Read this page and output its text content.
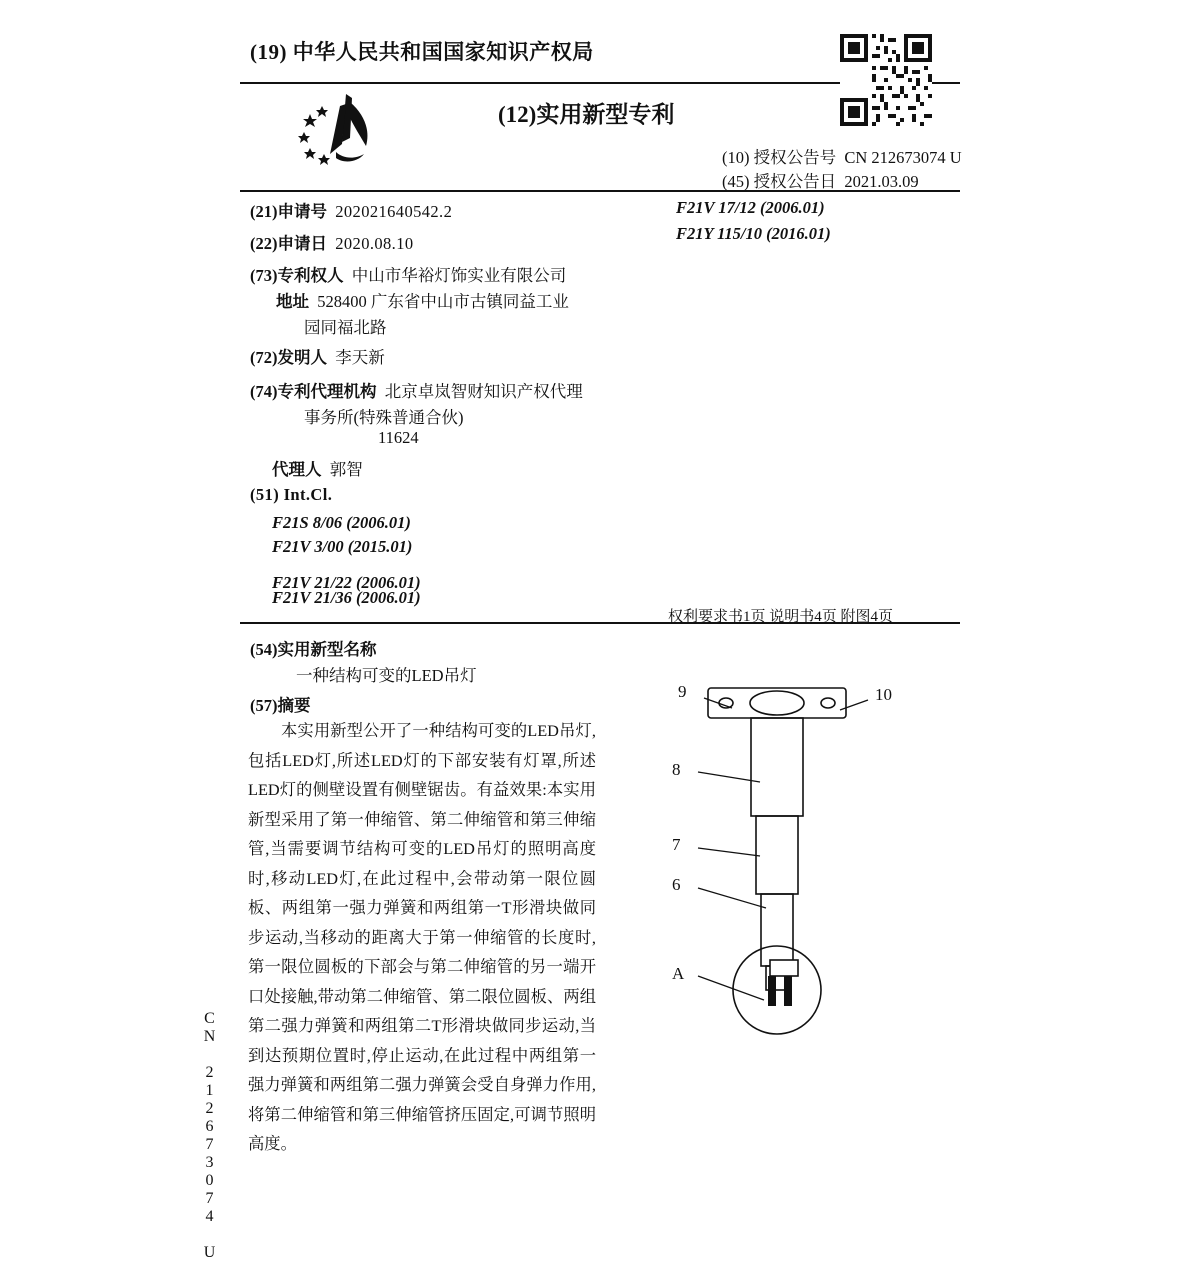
(19) 中华人民共和国国家知识产权局
(12)实用新型专利
(10) 授权公告号 CN 212673074 U
(45) 授权公告日 2021.03.09
(21)申请号 202021640542.2
(22)申请日 2020.08.10
(73)专利权人 中山市华裕灯饰实业有限公司
地址 528400 广东省中山市古镇同益工业
园同福北路
(72)发明人 李天新
(74)专利代理机构 北京卓岚智财知识产权代理
事务所(特殊普通合伙)
11624
代理人 郭智
(51) Int.Cl.
F21S 8/06 (2006.01)
F21V 3/00 (2015.01)
F21V 21/22 (2006.01)
F21V 21/36 (2006.01)
F21V 17/12 (2006.01)
F21Y 115/10 (2016.01)
权利要求书1页 说明书4页 附图4页
(54)实用新型名称
一种结构可变的LED吊灯
(57)摘要
本实用新型公开了一种结构可变的LED吊灯,包括LED灯,所述LED灯的下部安装有灯罩,所述LED灯的侧壁设置有侧壁锯齿。有益效果:本实用新型采用了第一伸缩管、第二伸缩管和第三伸缩管,当需要调节结构可变的LED吊灯的照明高度时,移动LED灯,在此过程中,会带动第一限位圆板、两组第一强力弹簧和两组第一T形滑块做同步运动,当移动的距离大于第一伸缩管的长度时,第一限位圆板的下部会与第二伸缩管的另一端开口处接触,带动第二伸缩管、第二限位圆板、两组第二强力弹簧和两组第二T形滑块做同步运动,当到达预期位置时,停止运动,在此过程中两组第一强力弹簧和两组第二强力弹簧会受自身弹力作用,将第二伸缩管和第三伸缩管挤压固定,可调节照明高度。
CN 212673074 U
9	10
8
7
6
A
